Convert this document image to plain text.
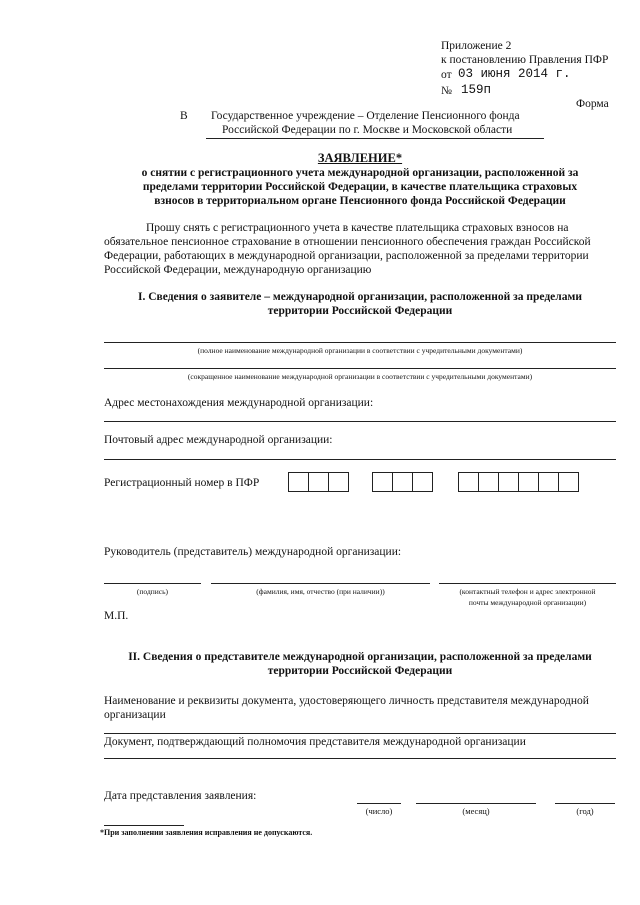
Приложение 2
к постановлению Правления ПФР
от 03 июня 2014 г.
№ 159п
Форма
В Государственное учреждение – Отделение Пенсионного фонда
Российской Федерации по г. Москве и Московской области
ЗАЯВЛЕНИЕ*
о снятии с регистрационного учета международной организации, расположенной за
пределами территории Российской Федерации, в качестве плательщика страховых
взносов в территориальном органе Пенсионного фонда Российской Федерации
Прошу снять с регистрационного учета в качестве плательщика страховых взносов на
обязательное пенсионное страхование в отношении пенсионного обеспечения граждан Российской
Федерации, работающих в международной организации, расположенной за пределами территории
Российской Федерации, международную организацию
I. Сведения о заявителе – международной организации, расположенной за пределами
территории Российской Федерации
(полное наименование международной организации в соответствии с учредительными документами)
(сокращенное наименование международной организации в соответствии с учредительными документами)
Адрес местонахождения международной организации:
Почтовый адрес международной организации:
Регистрационный номер в ПФР
Руководитель (представитель) международной организации:
(подпись)	(фамилия, имя, отчество (при наличии))	(контактный телефон и адрес электронной
почты международной организации)
М.П.
II. Сведения о представителе международной организации, расположенной за пределами
территории Российской Федерации
Наименование и реквизиты документа, удостоверяющего личность представителя международной
организации
Документ, подтверждающий полномочия представителя международной организации
Дата представления заявления:
(число)	(месяц)	(год)
*При заполнении заявления исправления не допускаются.
